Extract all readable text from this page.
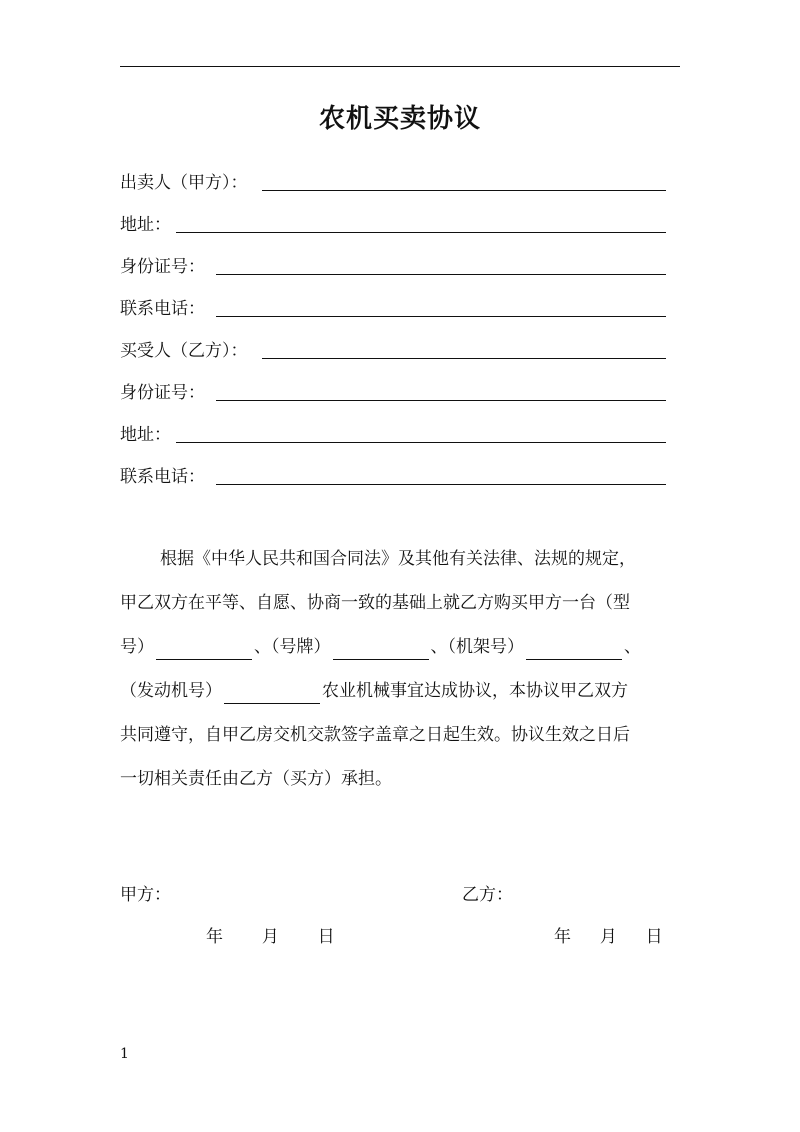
农机买卖协议
出卖人（甲方）：
地址：
身份证号：
联系电话：
买受人（乙方）：
身份证号：
地址：
联系电话：
根据《中华人民共和国合同法》及其他有关法律、法规的规定，
甲乙双方在平等、自愿、协商一致的基础上就乙方购买甲方一台（型
号）	、（号牌）	、（机架号）	、
（发动机号）	农业机械事宜达成协议，本协议甲乙双方
共同遵守，自甲乙房交机交款签字盖章之日起生效。协议生效之日后
一切相关责任由乙方（买方）承担。
甲方：	乙方：
年 月 日	年 月 日
1
